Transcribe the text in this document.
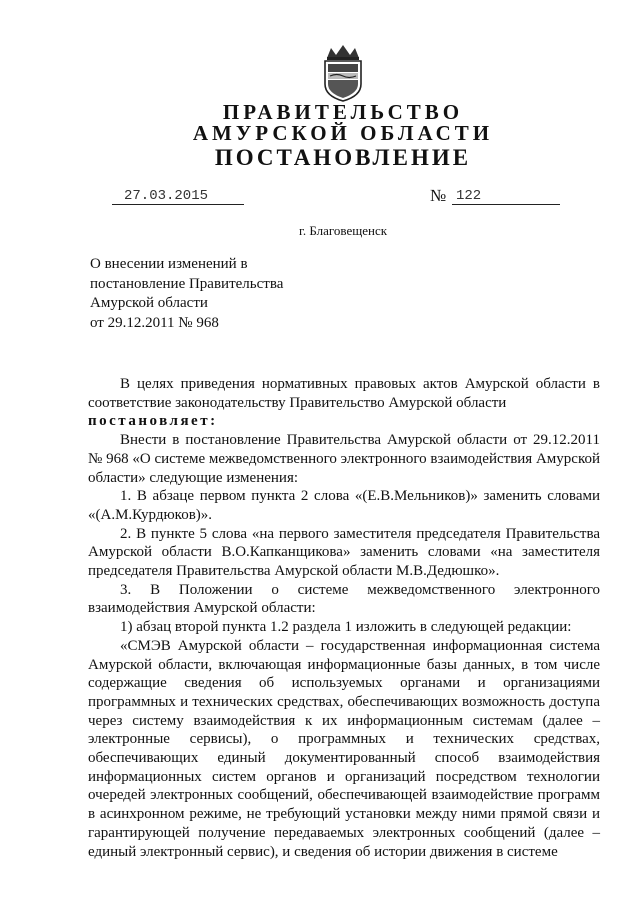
ПРАВИТЕЛЬСТВО
АМУРСКОЙ ОБЛАСТИ
ПОСТАНОВЛЕНИЕ
27.03.2015	№ 122
г. Благовещенск
О внесении изменений в
постановление Правительства
Амурской области
от 29.12.2011 № 968

В целях приведения нормативных правовых актов Амурской области в соответствие законодательству Правительство Амурской области

постановляет:

Внести в постановление Правительства Амурской области от 29.12.2011 № 968 «О системе межведомственного электронного взаимодействия Амурской области» следующие изменения:

1. В абзаце первом пункта 2 слова «(Е.В.Мельников)» заменить словами «(А.М.Курдюков)».

2. В пункте 5 слова «на первого заместителя председателя Правительства Амурской области В.О.Капканщикова» заменить словами «на заместителя председателя Правительства Амурской области М.В.Дедюшко».

3. В Положении о системе межведомственного электронного взаимодействия Амурской области:

1) абзац второй пункта 1.2 раздела 1 изложить в следующей редакции:

«СМЭВ Амурской области – государственная информационная система Амурской области, включающая информационные базы данных, в том числе содержащие сведения об используемых органами и организациями программных и технических средствах, обеспечивающих возможность доступа через систему взаимодействия к их информационным системам (далее – электронные сервисы), о программных и технических средствах, обеспечивающих единый документированный способ взаимодействия информационных систем органов и организаций посредством технологии очередей электронных сообщений, обеспечивающей взаимодействие программ в асинхронном режиме, не требующий установки между ними прямой связи и гарантирующей получение передаваемых электронных сообщений (далее – единый электронный сервис), и сведения об истории движения в системе
